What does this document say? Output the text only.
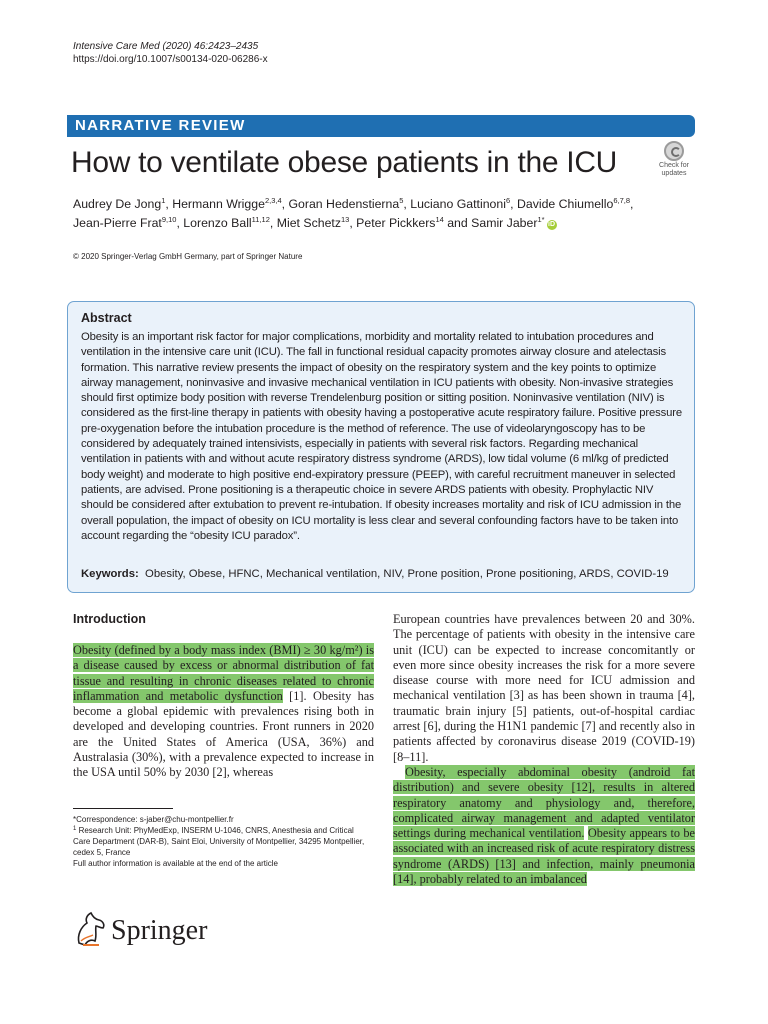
Intensive Care Med (2020) 46:2423–2435
https://doi.org/10.1007/s00134-020-06286-x
NARRATIVE REVIEW
How to ventilate obese patients in the ICU	Check for
updates
Audrey De Jong$^1$, Hermann Wrigge$^{2,3,4}$, Goran Hedenstierna$^5$, Luciano Gattinoni$^6$, Davide Chiumello$^{6,7,8}$,
Jean-Pierre Frat$^{9,10}$, Lorenzo Ball$^{11,12}$, Miet Schetz$^{13}$, Peter Pickkers$^{14}$ and Samir Jaber$^{1*}$iD
© 2020 Springer-Verlag GmbH Germany, part of Springer Nature
Abstract
Obesity is an important risk factor for major complications, morbidity and mortality related to intubation procedures and ventilation in the intensive care unit (ICU). The fall in functional residual capacity promotes airway closure and atelectasis formation. This narrative review presents the impact of obesity on the respiratory system and the key points to optimize airway management, noninvasive and invasive mechanical ventilation in ICU patients with obesity. Non-invasive strategies should first optimize body position with reverse Trendelenburg position or sitting position. Noninvasive ventilation (NIV) is considered as the first-line therapy in patients with obesity having a postoperative acute respiratory failure. Positive pressure pre-oxygenation before the intubation procedure is the method of reference. The use of videolaryngoscopy has to be considered by adequately trained intensivists, especially in patients with several risk factors. Regarding mechanical ventilation in patients with and without acute respiratory distress syndrome (ARDS), low tidal volume (6 ml/kg of predicted body weight) and moderate to high positive end-expiratory pressure (PEEP), with careful recruitment maneuver in selected patients, are advised. Prone positioning is a therapeutic choice in severe ARDS patients with obesity. Prophylactic NIV should be considered after extubation to prevent re-intubation. If obesity increases mortality and risk of ICU admission in the overall population, the impact of obesity on ICU mortality is less clear and several confounding factors have to be taken into account regarding the “obesity ICU paradox”.
Keywords: Obesity, Obese, HFNC, Mechanical ventilation, NIV, Prone position, Prone positioning, ARDS, COVID-19
Introduction

Obesity (defined by a body mass index (BMI) ≥ 30 kg/m²) is a disease caused by excess or abnormal distribution of fat tissue and resulting in chronic diseases related to chronic inflammation and metabolic dysfunction [1]. Obesity has become a global epidemic with prevalences rising both in developed and developing countries. Front runners in 2020 are the United States of America (USA, 36%) and Australasia (30%), with a prevalence expected to increase in the USA until 50% by 2030 [2], whereas

European countries have prevalences between 20 and 30%. The percentage of patients with obesity in the intensive care unit (ICU) can be expected to increase concomitantly or even more since obesity increases the risk for a more severe disease course with more need for ICU admission and mechanical ventilation [3] as has been shown in trauma [4], traumatic brain injury [5] patients, out-of-hospital cardiac arrest [6], during the H1N1 pandemic [7] and recently also in patients affected by coronavirus disease 2019 (COVID-19) [8–11].

Obesity, especially abdominal obesity (android fat distribution) and severe obesity [12], results in altered respiratory anatomy and physiology and, therefore, complicated airway management and adapted ventilator settings during mechanical ventilation. Obesity appears to be associated with an increased risk of acute respiratory distress syndrome (ARDS) [13] and infection, mainly pneumonia [14], probably related to an imbalanced

*Correspondence: s-jaber@chu-montpellier.fr
$^1$ Research Unit: PhyMedExp, INSERM U-1046, CNRS, Anesthesia and Critical Care Department (DAR-B), Saint Eloi, University of Montpellier, 34295 Montpellier, cedex 5, France
Full author information is available at the end of the article
Springer
